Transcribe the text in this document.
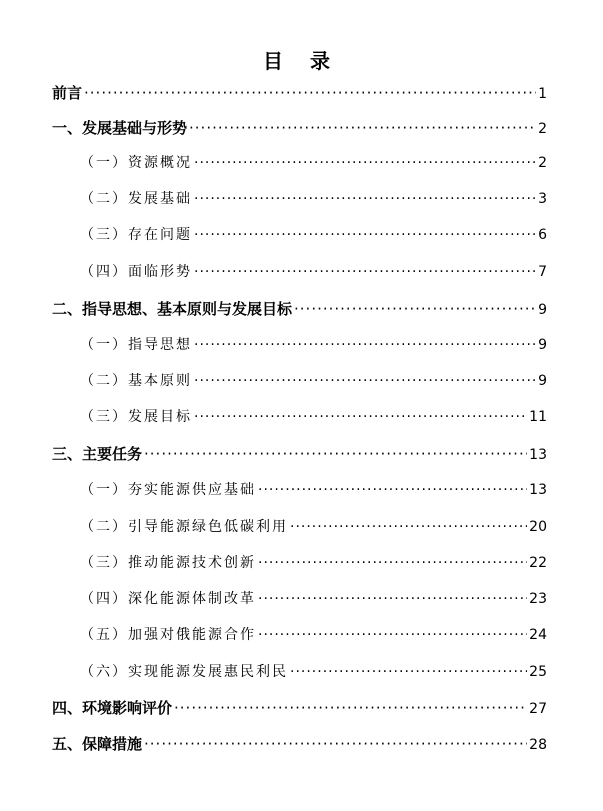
目 录
前言 ·····	1
一、发展基础与形势 ·····	2
（一）资源概况 ·····	2
（二）发展基础 ·····	3
（三）存在问题 ·····	6
（四）面临形势 ·····	7
二、指导思想、基本原则与发展目标 ·····	9
（一）指导思想 ·····	9
（二）基本原则 ·····	9
（三）发展目标 ·····	11
三、主要任务 ·····	13
（一）夯实能源供应基础 ·····	13
（二）引导能源绿色低碳利用 ·····	20
（三）推动能源技术创新 ·····	22
（四）深化能源体制改革 ·····	23
（五）加强对俄能源合作 ·····	24
（六）实现能源发展惠民利民 ·····	25
四、环境影响评价 ·····	27
五、保障措施 ·····	28
